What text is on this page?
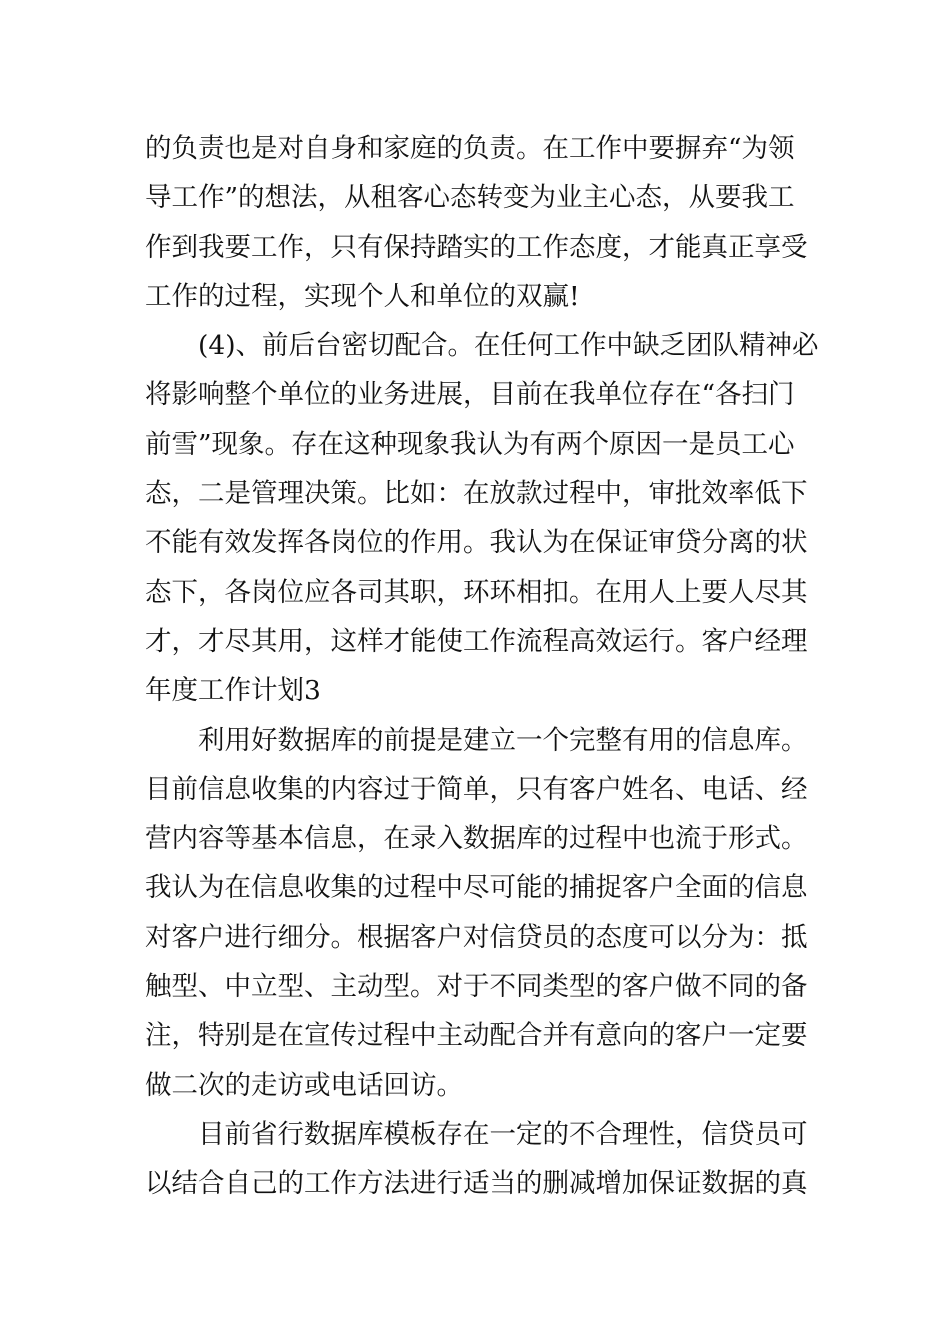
的负责也是对自身和家庭的负责。在工作中要摒弃“为领
导工作”的想法，从租客心态转变为业主心态，从要我工
作到我要工作，只有保持踏实的工作态度，才能真正享受
工作的过程，实现个人和单位的双赢!
(4)、前后台密切配合。在任何工作中缺乏团队精神必
将影响整个单位的业务进展，目前在我单位存在“各扫门
前雪”现象。存在这种现象我认为有两个原因一是员工心
态，二是管理决策。比如：在放款过程中，审批效率低下
不能有效发挥各岗位的作用。我认为在保证审贷分离的状
态下，各岗位应各司其职，环环相扣。在用人上要人尽其
才，才尽其用，这样才能使工作流程高效运行。客户经理
年度工作计划3
利用好数据库的前提是建立一个完整有用的信息库。
目前信息收集的内容过于简单，只有客户姓名、电话、经
营内容等基本信息，在录入数据库的过程中也流于形式。
我认为在信息收集的过程中尽可能的捕捉客户全面的信息
对客户进行细分。根据客户对信贷员的态度可以分为：抵
触型、中立型、主动型。对于不同类型的客户做不同的备
注，特别是在宣传过程中主动配合并有意向的客户一定要
做二次的走访或电话回访。
目前省行数据库模板存在一定的不合理性，信贷员可
以结合自己的工作方法进行适当的删减增加保证数据的真
